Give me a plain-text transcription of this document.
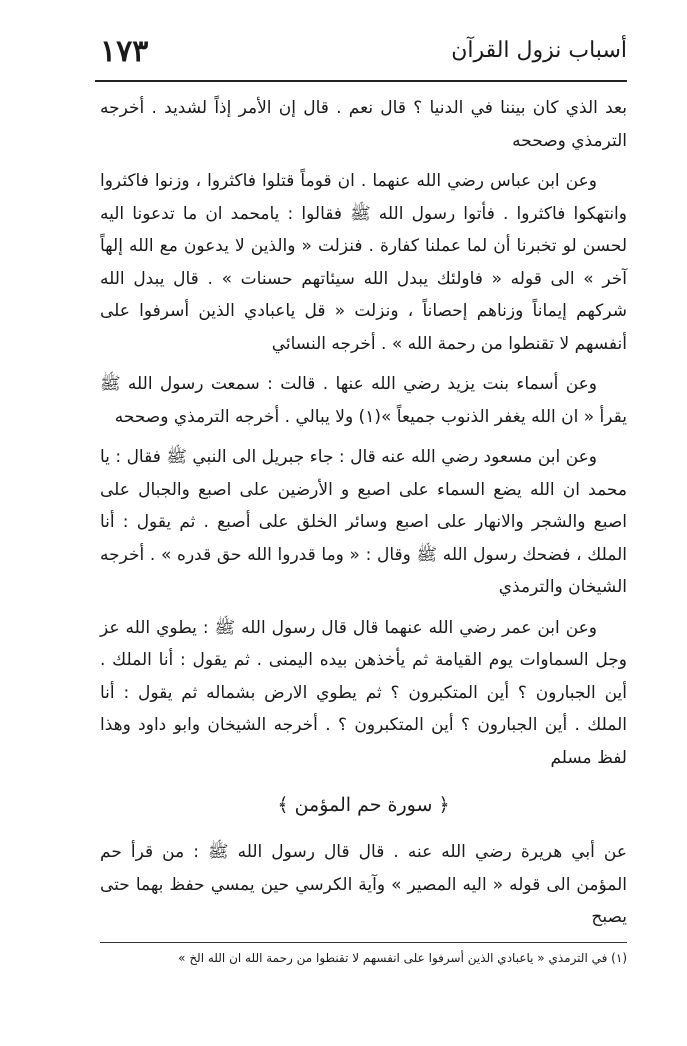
أسباب نزول القرآن
١٧٣

بعد الذي كان بيننا في الدنيا ؟ قال نعم . قال إن الأمر إذاً لشديد . أخرجه الترمذي وصححه

وعن ابن عباس رضي الله عنهما . ان قوماً قتلوا فاكثروا ، وزنوا فاكثروا وانتهكوا فاكثروا . فأتوا رسول الله ﷺ فقالوا : يامحمد ان ما تدعونا اليه لحسن لو تخبرنا أن لما عملنا كفارة . فنزلت « والذين لا يدعون مع الله إلهاً آخر » الى قوله « فاولئك يبدل الله سيئاتهم حسنات » . قال يبدل الله شركهم إيماناً وزناهم إحصاناً ، ونزلت « قل ياعبادي الذين أسرفوا على أنفسهم لا تقنطوا من رحمة الله » . أخرجه النسائي

وعن أسماء بنت يزيد رضي الله عنها . قالت : سمعت رسول الله ﷺ يقرأ « ان الله يغفر الذنوب جميعاً »(١) ولا يبالي . أخرجه الترمذي وصححه

وعن ابن مسعود رضي الله عنه قال : جاء جبريل الى النبي ﷺ فقال : يا محمد ان الله يضع السماء على اصبع و الأرضين على اصبع والجبال على اصبع والشجر والانهار على اصبع وسائر الخلق على أصبع . ثم يقول : أنا الملك ، فضحك رسول الله ﷺ وقال : « وما قدروا الله حق قدره » . أخرجه الشيخان والترمذي

وعن ابن عمر رضي الله عنهما قال قال رسول الله ﷺ : يطوي الله عز وجل السماوات يوم القيامة ثم يأخذهن بيده اليمنى . ثم يقول : أنا الملك . أين الجبارون ؟ أين المتكبرون ؟ ثم يطوي الارض بشماله ثم يقول : أنا الملك . أين الجبارون ؟ أين المتكبرون ؟ . أخرجه الشيخان وابو داود وهذا لفظ مسلم

﴿ سورة حم المؤمن ﴾

عن أبي هريرة رضي الله عنه . قال قال رسول الله ﷺ : من قرأ حم المؤمن الى قوله « اليه المصير » وآية الكرسي حين يمسي حفظ بهما حتى يصبح

(١) في الترمذي « ياعبادي الذين أسرفوا على انفسهم لا تقنطوا من رحمة الله ان الله الخ »
